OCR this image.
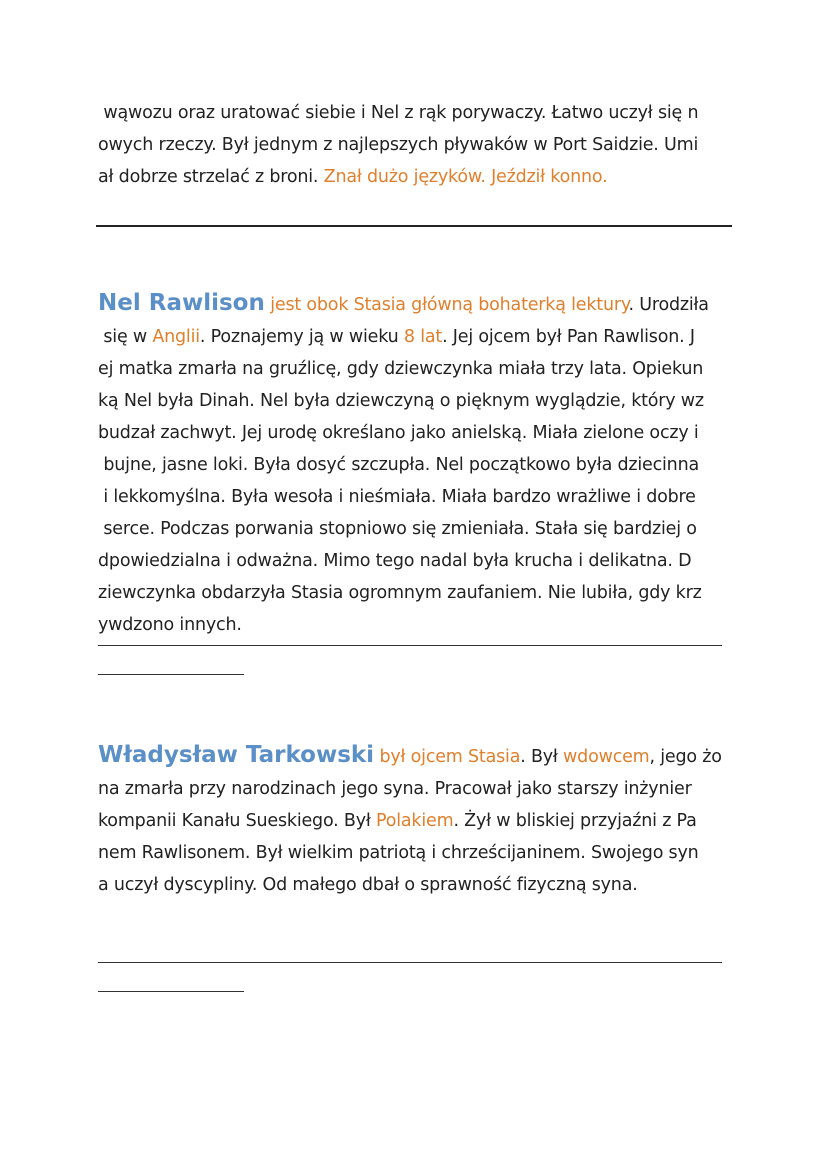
wąwozu oraz uratować siebie i Nel z rąk porywaczy. Łatwo uczył się n
owych rzeczy. Był jednym z najlepszych pływaków w Port Saidzie. Umi
ał dobrze strzelać z broni. Znał dużo języków. Jeździł konno.
Nel Rawlison jest obok Stasia główną bohaterką lektury. Urodziła
się w Anglii. Poznajemy ją w wieku 8 lat. Jej ojcem był Pan Rawlison. J
ej matka zmarła na gruźlicę, gdy dziewczynka miała trzy lata. Opiekun
ką Nel była Dinah. Nel była dziewczyną o pięknym wyglądzie, który wz
budzał zachwyt. Jej urodę określano jako anielską. Miała zielone oczy i
bujne, jasne loki. Była dosyć szczupła. Nel początkowo była dziecinna
i lekkomyślna. Była wesoła i nieśmiała. Miała bardzo wrażliwe i dobre
serce. Podczas porwania stopniowo się zmieniała. Stała się bardziej o
dpowiedzialna i odważna. Mimo tego nadal była krucha i delikatna. D
ziewczynka obdarzyła Stasia ogromnym zaufaniem. Nie lubiła, gdy krz
ywdzono innych.
Władysław Tarkowski był ojcem Stasia. Był wdowcem, jego żo
na zmarła przy narodzinach jego syna. Pracował jako starszy inżynier
kompanii Kanału Sueskiego. Był Polakiem. Żył w bliskiej przyjaźni z Pa
nem Rawlisonem. Był wielkim patriotą i chrześcijaninem. Swojego syn
a uczył dyscypliny. Od małego dbał o sprawność fizyczną syna.
